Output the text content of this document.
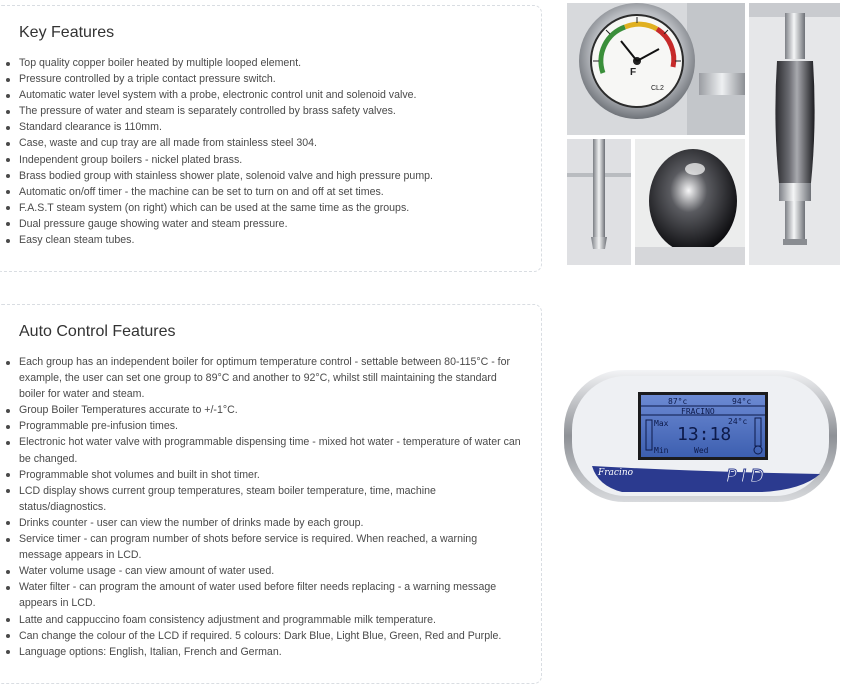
Key Features
Top quality copper boiler heated by multiple looped element.
Pressure controlled by a triple contact pressure switch.
Automatic water level system with a probe, electronic control unit and solenoid valve.
The pressure of water and steam is separately controlled by brass safety valves.
Standard clearance is 110mm.
Case, waste and cup tray are all made from stainless steel 304.
Independent group boilers - nickel plated brass.
Brass bodied group with stainless shower plate, solenoid valve and high pressure pump.
Automatic on/off timer - the machine can be set to turn on and off at set times.
F.A.S.T steam system (on right) which can be used at the same time as the groups.
Dual pressure gauge showing water and steam pressure.
Easy clean steam tubes.
Auto Control Features
Each group has an independent boiler for optimum temperature control - settable between 80-115°C - for example, the user can set one group to 89°C and another to 92°C, whilst still maintaining the standard boiler for water and steam.
Group Boiler Temperatures accurate to +/-1°C.
Programmable pre-infusion times.
Electronic hot water valve with programmable dispensing time - mixed hot water - temperature of water can be changed.
Programmable shot volumes and built in shot timer.
LCD display shows current group temperatures, steam boiler temperature, time, machine status/diagnostics.
Drinks counter - user can view the number of drinks made by each group.
Service timer - can program number of shots before service is required. When reached, a warning message appears in LCD.
Water volume usage - can view amount of water used.
Water filter - can program the amount of water used before filter needs replacing - a warning message appears in LCD.
Latte and cappuccino foam consistency adjustment and programmable milk temperature.
Can change the colour of the LCD if required. 5 colours: Dark Blue, Light Blue, Green, Red and Purple.
Language options: English, Italian, French and German.
F
CL2
87°c	94°c
FRACINO
Max	24°c
13:18
Min	Wed
Fracino	PID
